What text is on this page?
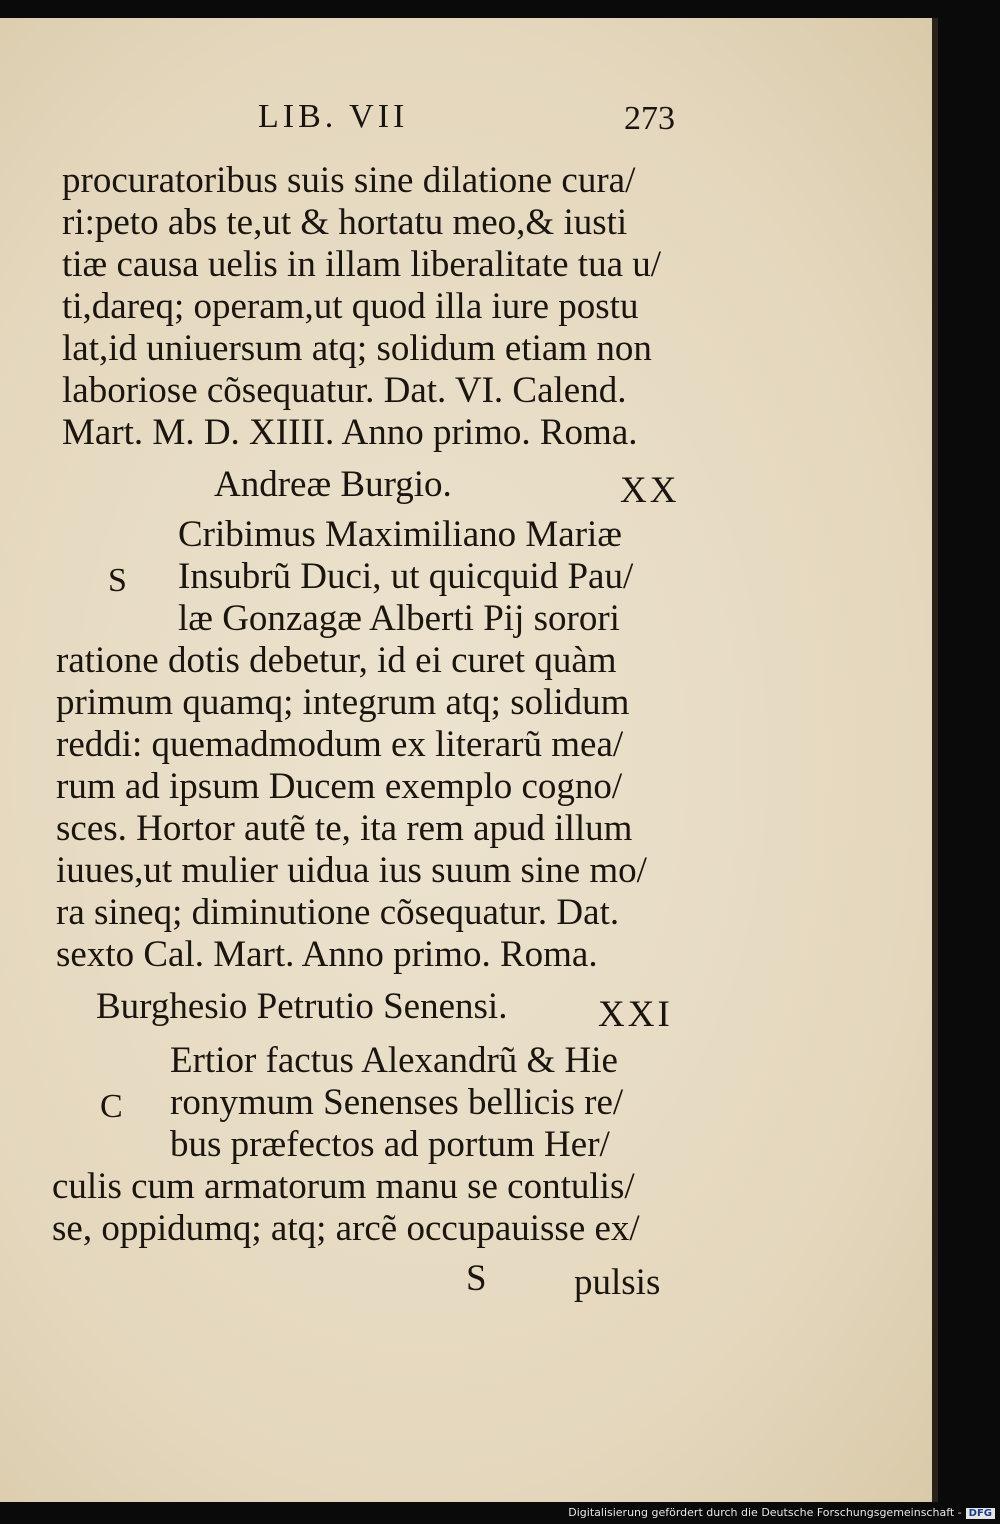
LIB. VII	273
procuratoribus suis sine dilatione cura/
ri:peto abs te,ut & hortatu meo,& iusti
tiæ causa uelis in illam liberalitate tua u/
ti,dareq; operam,ut quod illa iure postu
lat,id uniuersum atq; solidum etiam non
laboriose cõsequatur. Dat. VI. Calend.
Mart. M. D. XIIII. Anno primo. Roma.
Andreæ Burgio.	XX
S
Cribimus Maximiliano Mariæ
Insubrũ Duci, ut quicquid Pau/
læ Gonzagæ Alberti Pij sorori
ratione dotis debetur, id ei curet quàm
primum quamq; integrum atq; solidum
reddi: quemadmodum ex literarũ mea/
rum ad ipsum Ducem exemplo cogno/
sces. Hortor autẽ te, ita rem apud illum
iuues,ut mulier uidua ius suum sine mo/
ra sineq; diminutione cõsequatur. Dat.
sexto Cal. Mart. Anno primo. Roma.
Burghesio Petrutio Senensi. XXI
C
Ertior factus Alexandrũ & Hie
ronymum Senenses bellicis re/
bus præfectos ad portum Her/
culis cum armatorum manu se contulis/
se, oppidumq; atq; arcẽ occupauisse ex/
S pulsis
Digitalisierung gefördert durch die Deutsche Forschungsgemeinschaft - DFG
